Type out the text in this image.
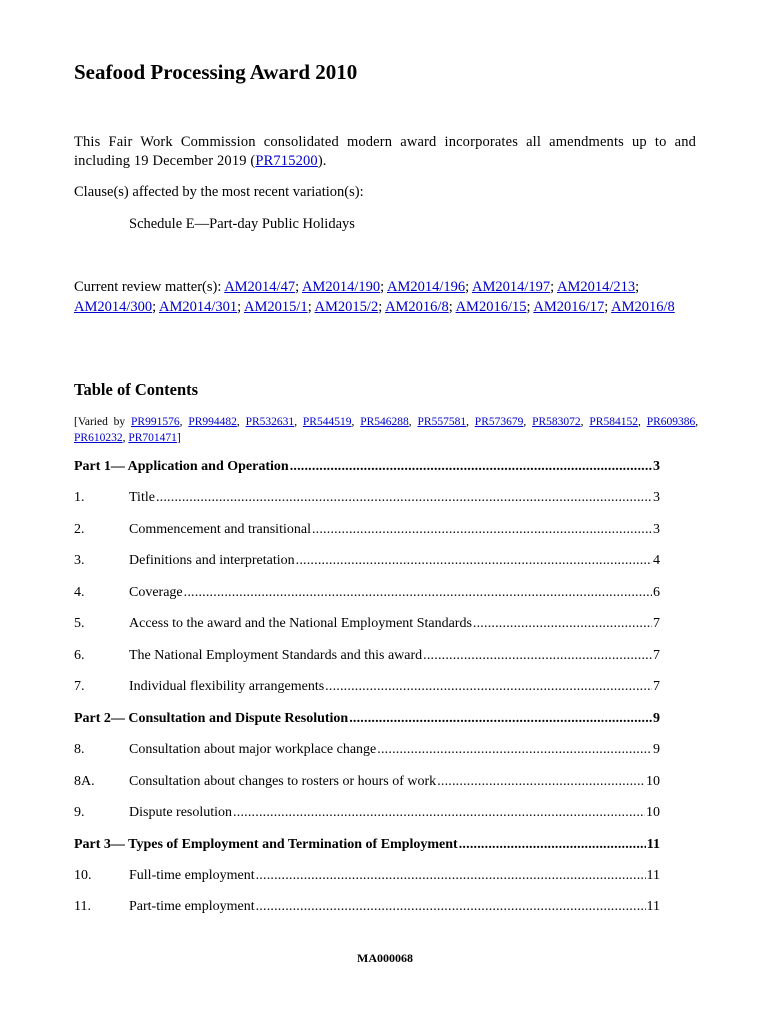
Seafood Processing Award 2010

This Fair Work Commission consolidated modern award incorporates all amendments up to and including 19 December 2019 (PR715200).

Clause(s) affected by the most recent variation(s):

Schedule E—Part-day Public Holidays

Current review matter(s): AM2014/47; AM2014/190; AM2014/196; AM2014/197; AM2014/213; AM2014/300; AM2014/301; AM2015/1; AM2015/2; AM2016/8; AM2016/15; AM2016/17; AM2016/8

Table of Contents

[Varied by PR991576, PR994482, PR532631, PR544519, PR546288, PR557581, PR573679, PR583072, PR584152, PR609386, PR610232, PR701471]

Part 1— Application and Operation .....	3
1.	Title .....	3
2.	Commencement and transitional .....	3
3.	Definitions and interpretation .....	4
4.	Coverage .....	6
5.	Access to the award and the National Employment Standards .....	7
6.	The National Employment Standards and this award .....	7
7.	Individual flexibility arrangements .....	7
Part 2— Consultation and Dispute Resolution .....	9
8.	Consultation about major workplace change .....	9
8A.	Consultation about changes to rosters or hours of work .....	10
9.	Dispute resolution .....	10
Part 3— Types of Employment and Termination of Employment .....	11
10.	Full-time employment .....	11
11.	Part-time employment .....	11
MA000068
